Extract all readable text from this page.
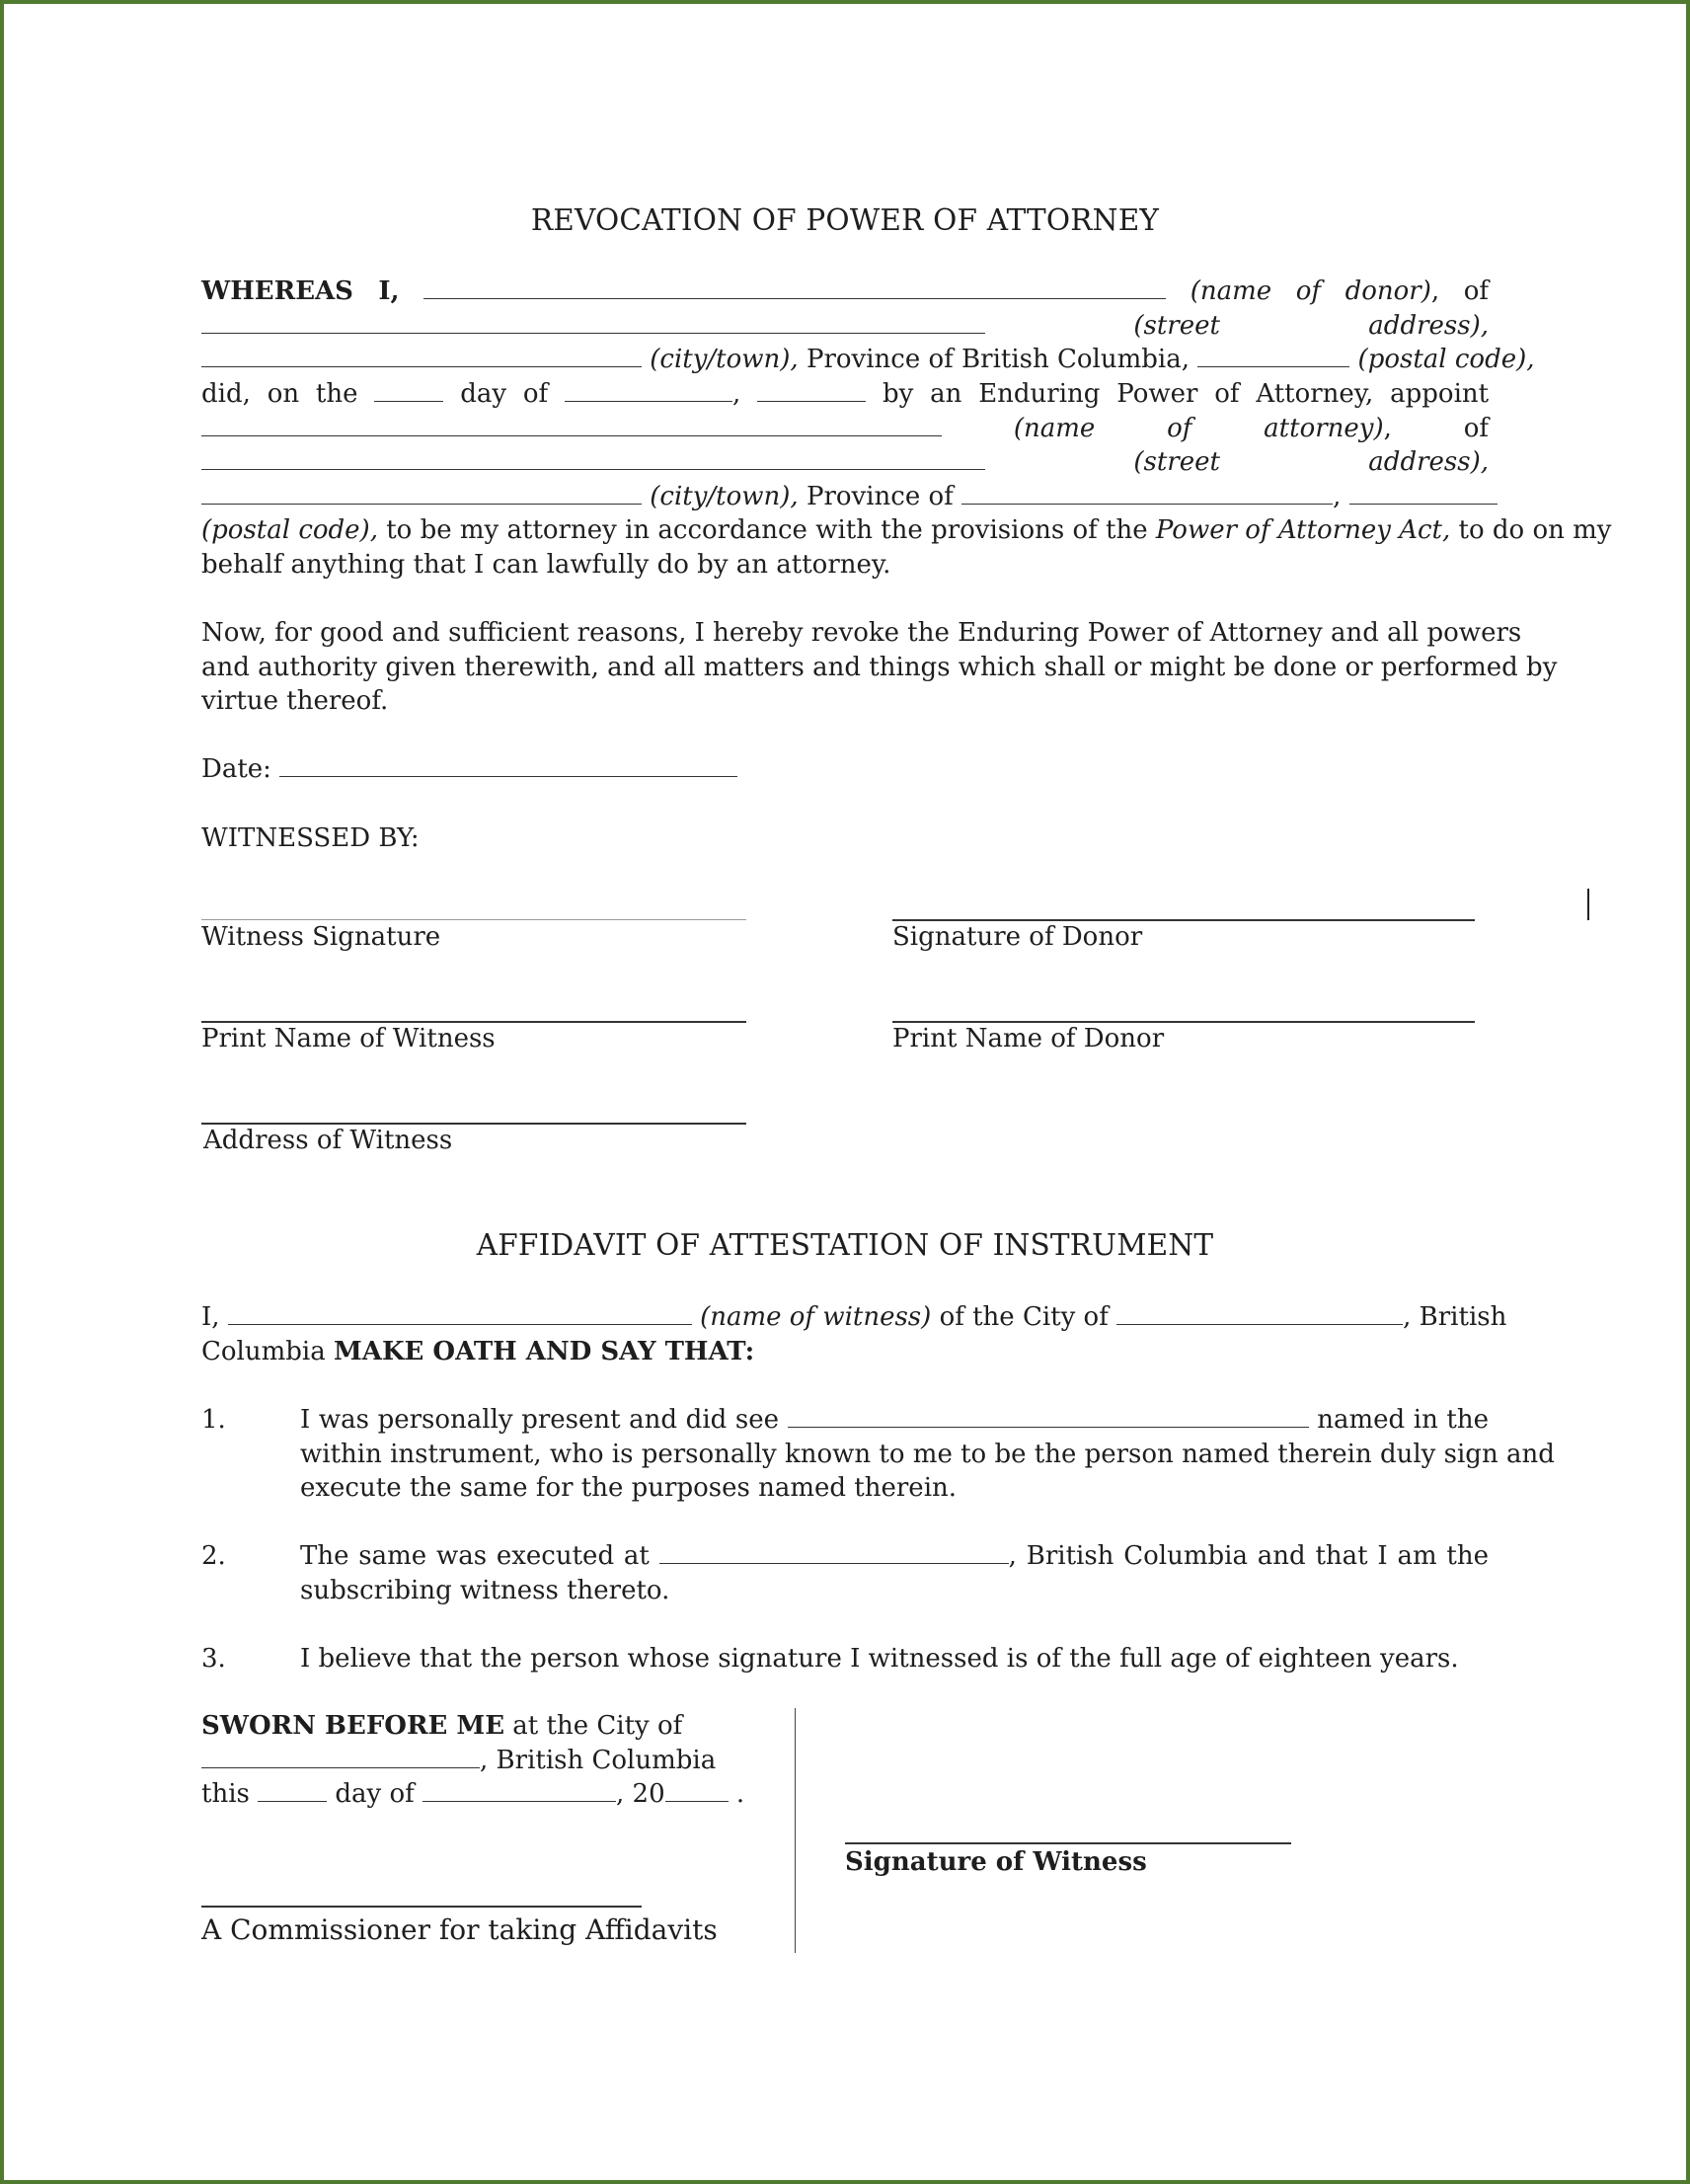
REVOCATION OF POWER OF ATTORNEY
WHEREAS I,	(name of donor), of
(street address),
(city/town), Province of British Columbia,	(postal code),
did, on the	day of	,	by an Enduring Power of Attorney, appoint
(name of attorney), of
(street address),
(city/town), Province of	,
(postal code), to be my attorney in accordance with the provisions of the Power of Attorney Act, to do on my
behalf anything that I can lawfully do by an attorney.
Now, for good and sufficient reasons, I hereby revoke the Enduring Power of Attorney and all powers
and authority given therewith, and all matters and things which shall or might be done or performed by
virtue thereof.
Date:
WITNESSED BY:
Witness Signature	Signature of Donor
Print Name of Witness	Print Name of Donor
Address of Witness
AFFIDAVIT OF ATTESTATION OF INSTRUMENT
I,	(name of witness) of the City of	, British
Columbia MAKE OATH AND SAY THAT:
1.	I was personally present and did see	named in the
within instrument, who is personally known to me to be the person named therein duly sign and
execute the same for the purposes named therein.
2.	The same was executed at	, British Columbia and that I am the
subscribing witness thereto.
3.	I believe that the person whose signature I witnessed is of the full age of eighteen years.
SWORN BEFORE ME at the City of
, British Columbia
this	day of	, 20	.
A Commissioner for taking Affidavits
Signature of Witness
